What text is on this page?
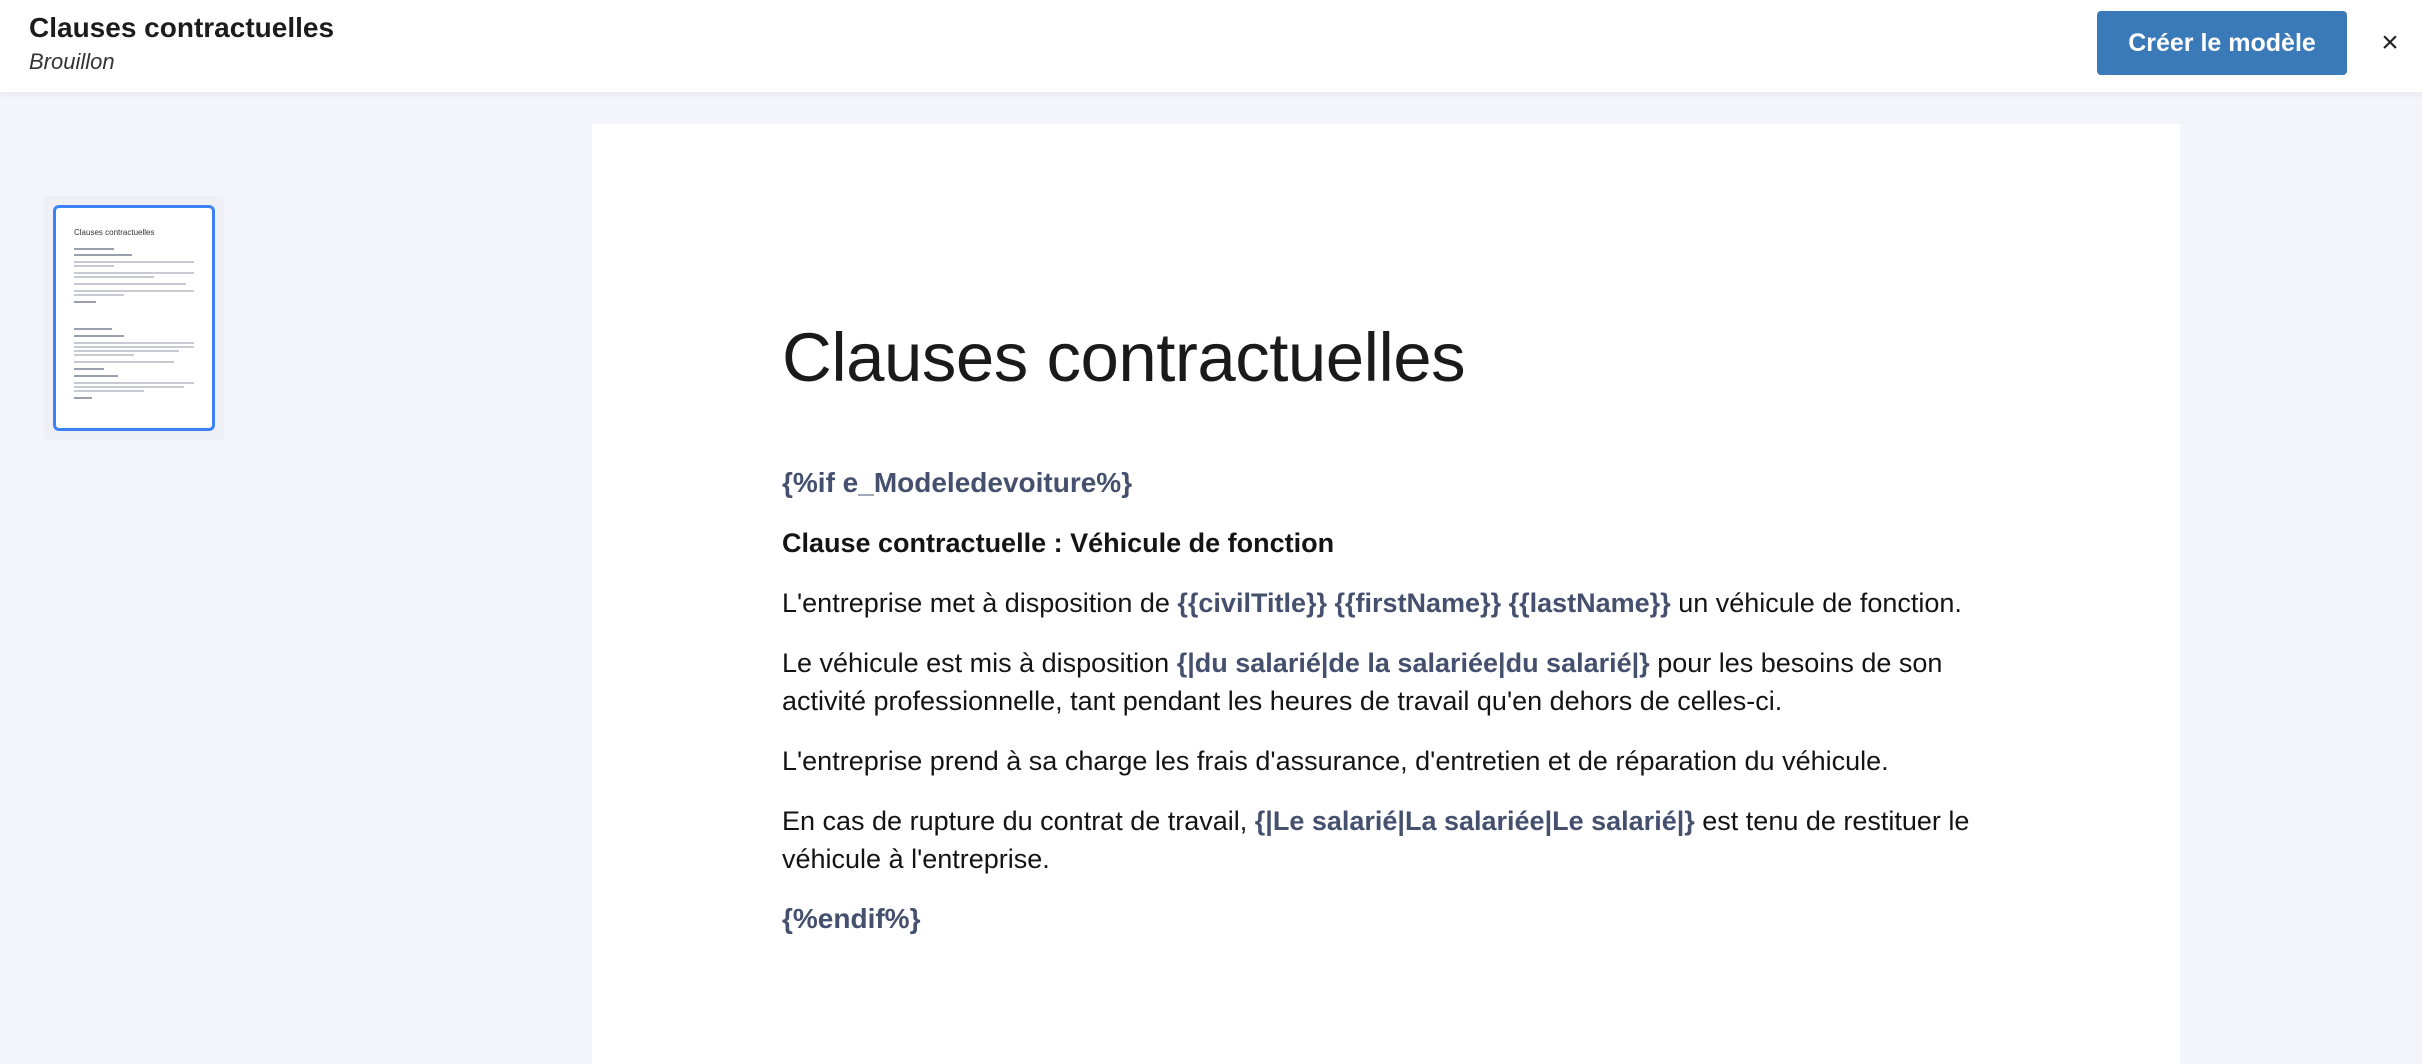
Clauses contractuelles
Brouillon
Créer le modèle	×
Clauses contractuelles
Clauses contractuelles
{%if e_Modeledevoiture%}
Clause contractuelle : Véhicule de fonction
L'entreprise met à disposition de {{civilTitle}} {{firstName}} {{lastName}} un véhicule de fonction.
Le véhicule est mis à disposition {|du salarié|de la salariée|du salarié|} pour les besoins de son activité professionnelle, tant pendant les heures de travail qu'en dehors de celles-ci.
L'entreprise prend à sa charge les frais d'assurance, d'entretien et de réparation du véhicule.
En cas de rupture du contrat de travail, {|Le salarié|La salariée|Le salarié|} est tenu de restituer le véhicule à l'entreprise.
{%endif%}
